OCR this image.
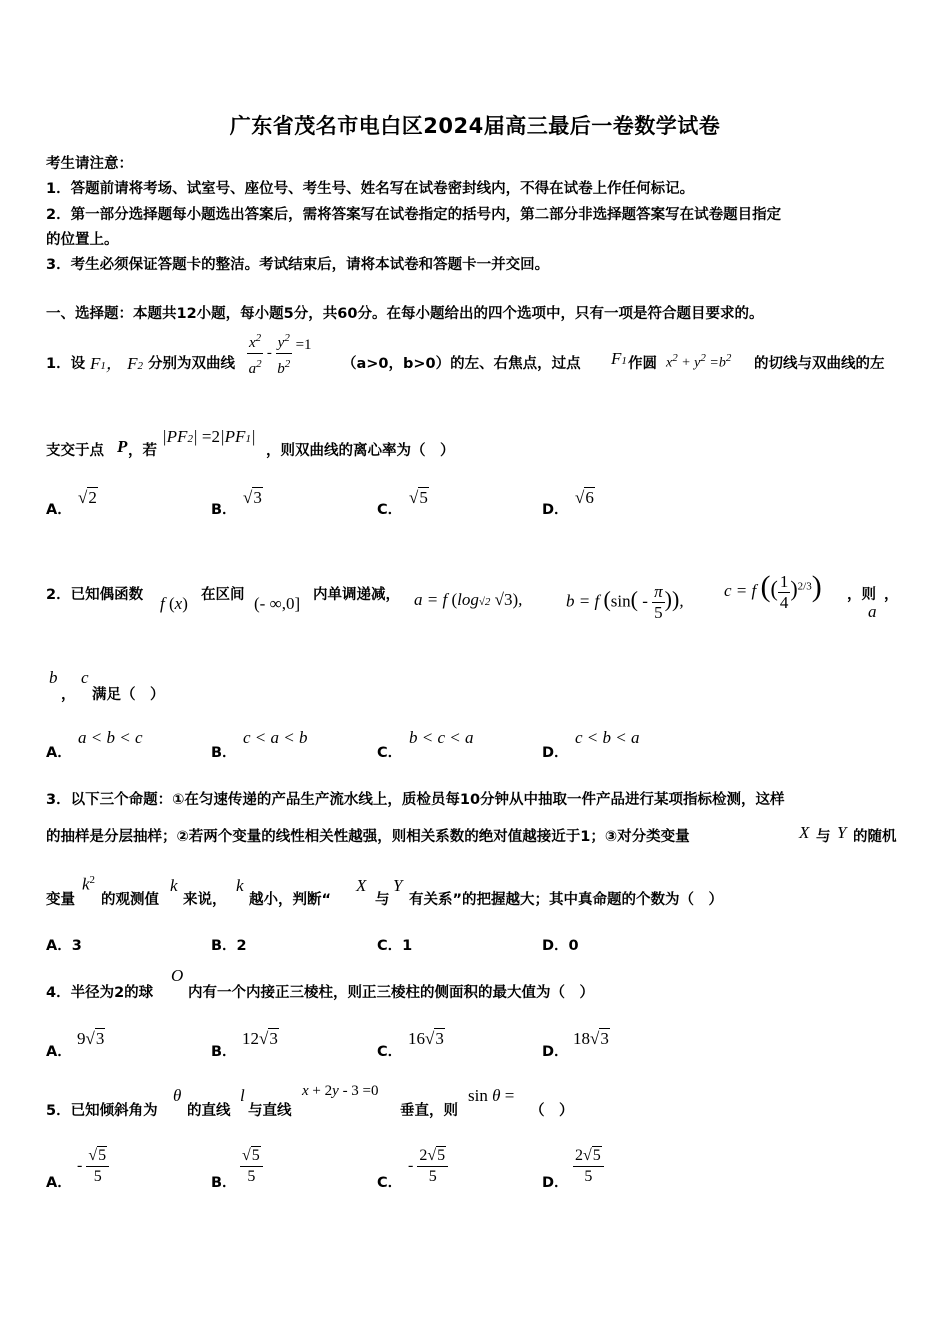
广东省茂名市电白区2024届高三最后一卷数学试卷
考生请注意：
1．答题前请将考场、试室号、座位号、考生号、姓名写在试卷密封线内，不得在试卷上作任何标记。
2．第一部分选择题每小题选出答案后，需将答案写在试卷指定的括号内，第二部分非选择题答案写在试卷题目指定
的位置上。
3．考生必须保证答题卡的整洁。考试结束后，请将本试卷和答题卡一并交回。
一、选择题：本题共12小题，每小题5分，共60分。在每小题给出的四个选项中，只有一项是符合题目要求的。
1．设 F1， F2 分别为双曲线 $\frac{x^2}{a^2} - \frac{y^2}{b^2} =1$
（a>0，b>0）的左、右焦点，过点 F1 作圆 $x^2 + y^2 =b^2$ 的切线与双曲线的左
支交于点 P ，若
|PF2| =2|PF1|
，则双曲线的离心率为（　）
A．
√2
B．
√3
C．
√5
D．
√6
2．已知偶函数 f (x) 在区间 (- ∞,0] 内单调递减， a = f (log√2 √3),	b = f ($\sin( - \frac{\pi}{5}$ )),
c = f (( $\frac{1}{4} )^{2/3}$) ，则
a
，
b
，
c
满足（　）
A．
a < b < c
B．
c < a < b
C．
b < c < a
D．
c < b < a
3．以下三个命题：①在匀速传递的产品生产流水线上，质检员每10分钟从中抽取一件产品进行某项指标检测，这样
的抽样是分层抽样；②若两个变量的线性相关性越强，则相关系数的绝对值越接近于1；③对分类变量	X 与 Y 的随机
变量
$k^2$
的观测值
k
来说，
k
越小，判断“
X
与
Y
有关系”的把握越大；其中真命题的个数为（　）
A．3	B．2	C．1	D．0
4．半径为2的球
O
内有一个内接正三棱柱，则正三棱柱的侧面积的最大值为（　）
A．
9√3
B．
12√3
C．
16√3
D．
18√3
5．已知倾斜角为
θ
的直线
l
与直线
x + 2y - 3 =0
垂直，则
sin θ =
（　）
A．
- $\frac{√5}{5}$	B． $\frac{√5}{5}$	C．
- $\frac{2√5}{5}$	D． $\frac{2√5}{5}$
